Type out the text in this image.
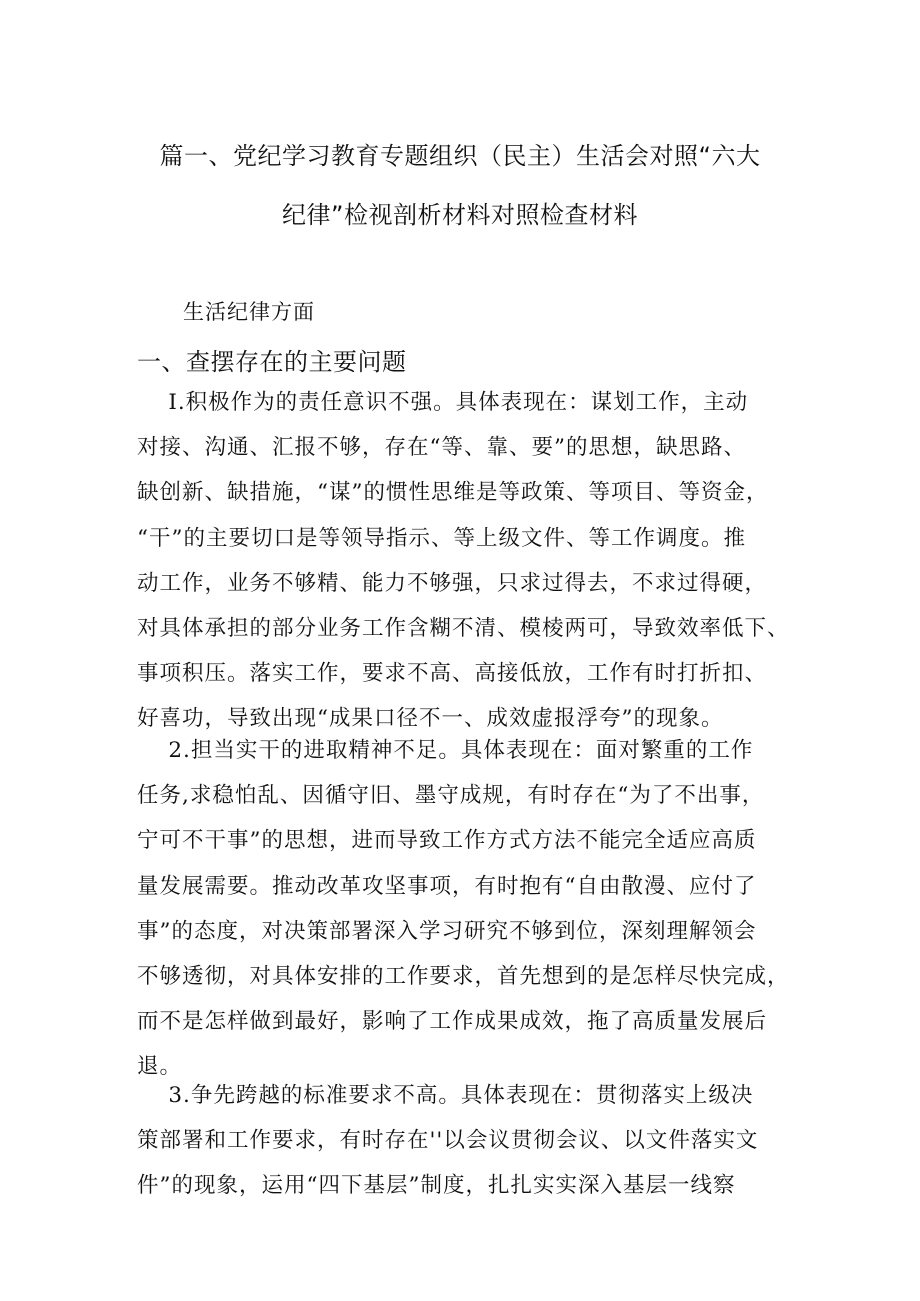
篇一、党纪学习教育专题组织（民主）生活会对照“六大
纪律”检视剖析材料对照检查材料
生活纪律方面
一、查摆存在的主要问题
I.积极作为的责任意识不强。具体表现在：谋划工作，主动
对接、沟通、汇报不够，存在“等、靠、要”的思想，缺思路、
缺创新、缺措施，“谋”的惯性思维是等政策、等项目、等资金，
“干”的主要切口是等领导指示、等上级文件、等工作调度。推
动工作，业务不够精、能力不够强，只求过得去，不求过得硬，
对具体承担的部分业务工作含糊不清、模棱两可，导致效率低下、
事项积压。落实工作，要求不高、高接低放，工作有时打折扣、
好喜功，导致出现“成果口径不一、成效虚报浮夸”的现象。
2.担当实干的进取精神不足。具体表现在：面对繁重的工作
任务,求稳怕乱、因循守旧、墨守成规，有时存在“为了不出事，
宁可不干事”的思想，进而导致工作方式方法不能完全适应高质
量发展需要。推动改革攻坚事项，有时抱有“自由散漫、应付了
事”的态度，对决策部署深入学习研究不够到位，深刻理解领会
不够透彻，对具体安排的工作要求，首先想到的是怎样尽快完成，
而不是怎样做到最好，影响了工作成果成效，拖了高质量发展后
退。
3.争先跨越的标准要求不高。具体表现在：贯彻落实上级决
策部署和工作要求，有时存在''以会议贯彻会议、以文件落实文
件”的现象，运用“四下基层”制度，扎扎实实深入基层一线察
